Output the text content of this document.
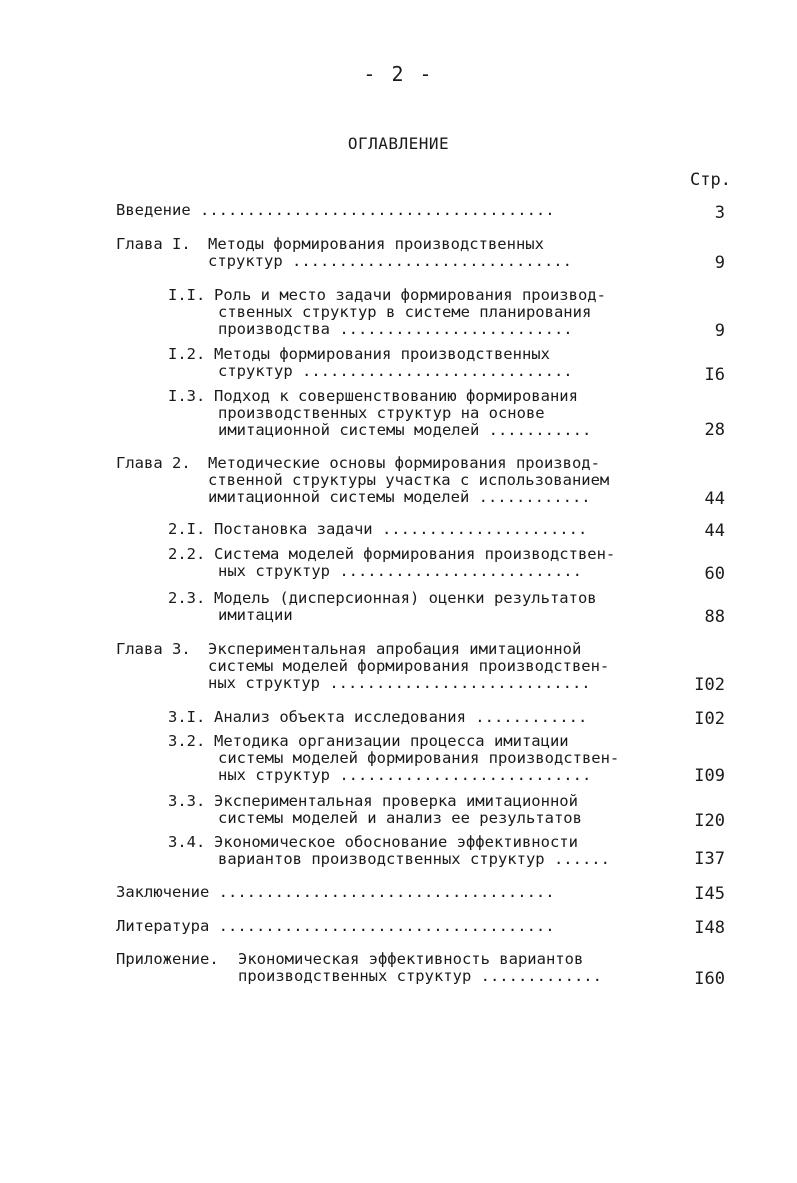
- 2 -
ОГЛАВЛЕНИЕ
Стр.
Введение ......................................	3
Глава I. Методы формирования производственных
структур ..............................	9
I.I. Роль и место задачи формирования производ-
ственных структур в системе планирования
производства .........................	9
I.2. Методы формирования производственных
структур .............................	I6
I.3. Подход к совершенствованию формирования
производственных структур на основе
имитационной системы моделей ...........	28
Глава 2. Методические основы формирования производ-
ственной структуры участка с использованием
имитационной системы моделей ............	44
2.I. Постановка задачи ......................	44
2.2. Система моделей формирования производствен-
ных структур ..........................	60
2.3. Модель (дисперсионная) оценки результатов
имитации	88
Глава 3. Экспериментальная апробация имитационной
системы моделей формирования производствен-
ных структур ............................	I02
3.I. Анализ объекта исследования ............	I02
3.2. Методика организации процесса имитации
системы моделей формирования производствен-
ных структур ...........................	I09
3.3. Экспериментальная проверка имитационной
системы моделей и анализ ее результатов	I20
3.4. Экономическое обоснование эффективности
вариантов производственных структур ......	I37
Заключение ....................................	I45
Литература ....................................	I48
Приложение. Экономическая эффективность вариантов
производственных структур .............	I60
